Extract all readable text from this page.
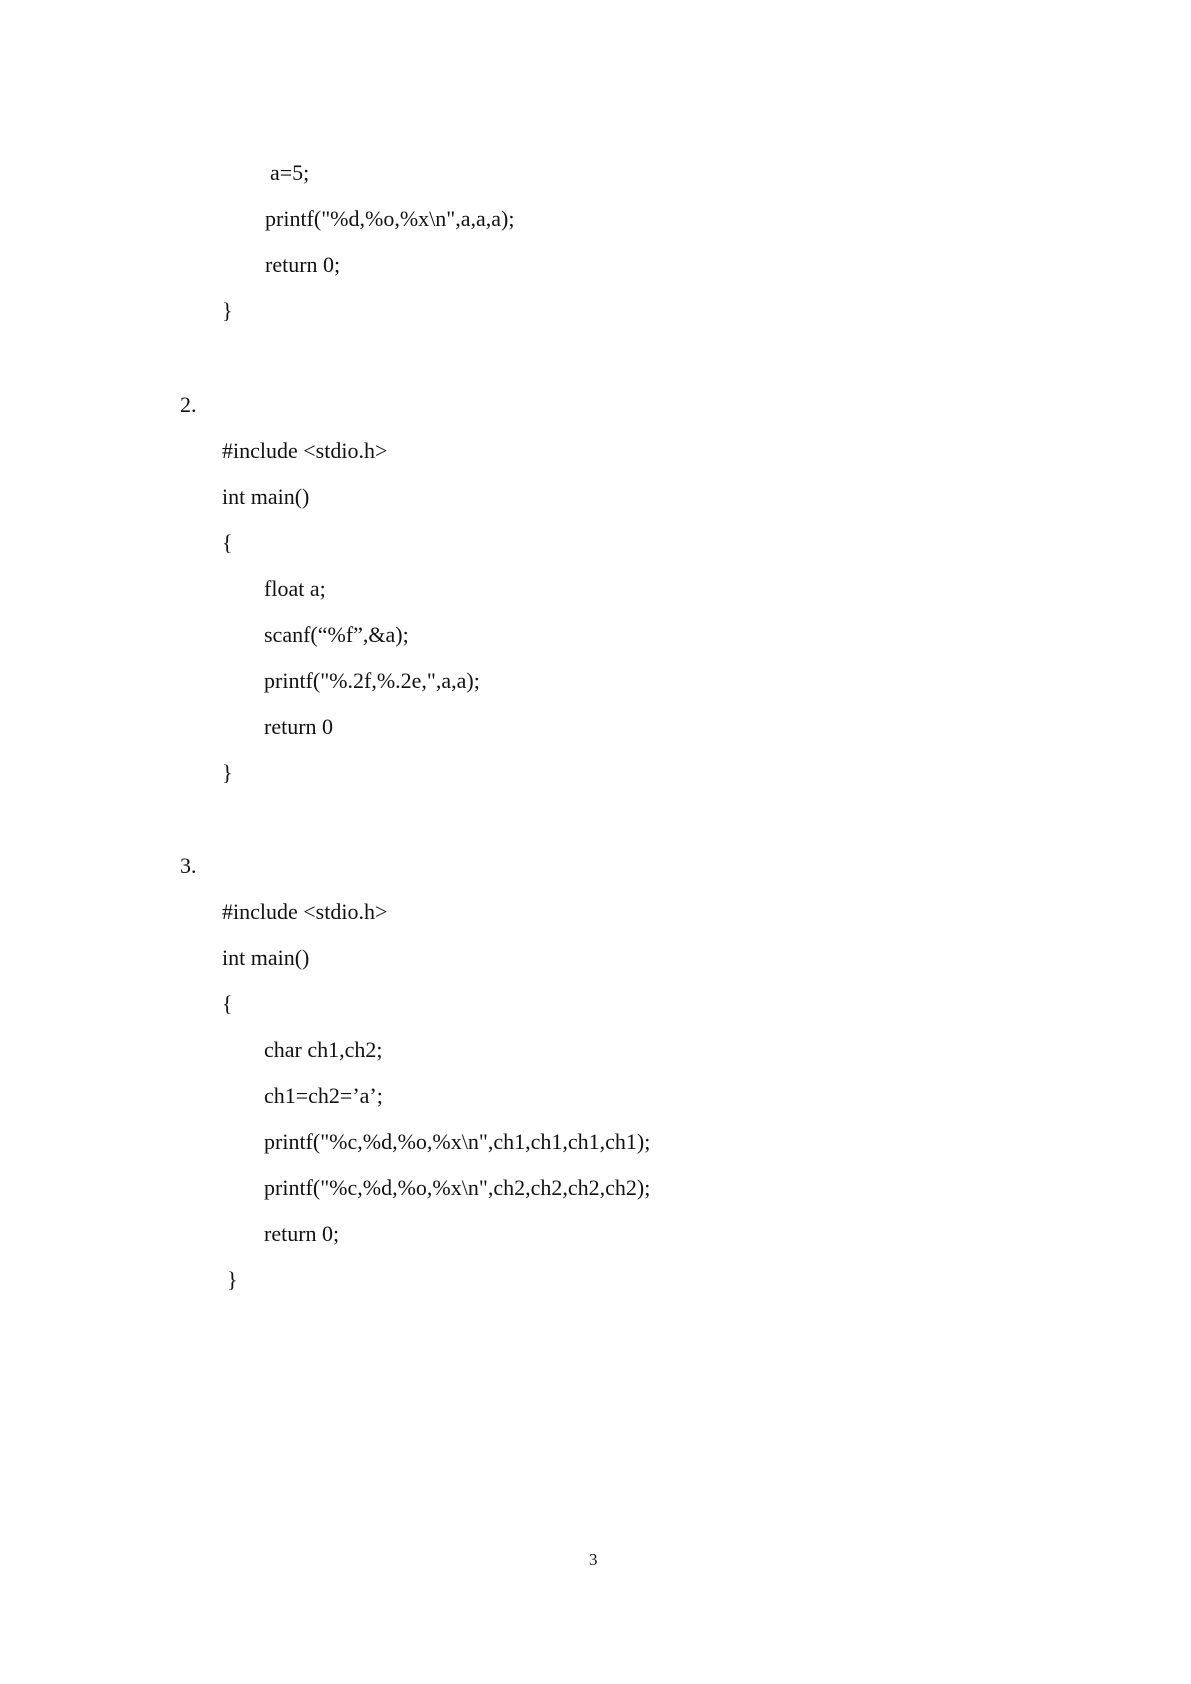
a=5;
printf("%d,%o,%x\n",a,a,a);
return 0;
}
2.
#include <stdio.h>
int main()
{
float a;
scanf(“%f”,&a);
printf("%.2f,%.2e,",a,a);
return 0
}
3.
#include <stdio.h>
int main()
{
char ch1,ch2;
ch1=ch2=’a’;
printf("%c,%d,%o,%x\n",ch1,ch1,ch1,ch1);
printf("%c,%d,%o,%x\n",ch2,ch2,ch2,ch2);
return 0;
}
3
